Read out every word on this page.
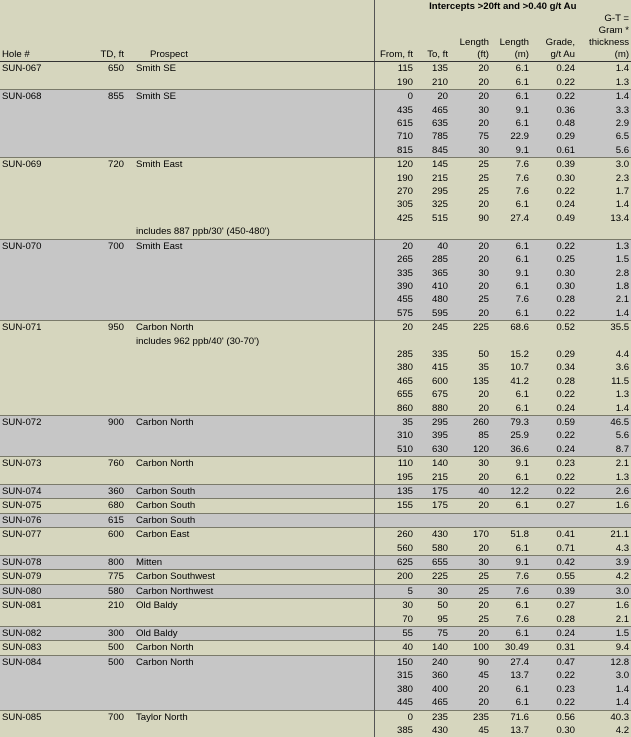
			Intercepts >20ft and >0.40 g/t Au					
Hole #	TD, ft	Prospect	From, ft	To, ft	Length (ft)	Length (m)	Grade, g/t Au	G-T = Gram * thickness (m)
SUN-067	650	Smith SE	115	135	20	6.1	0.24	1.4
			190	210	20	6.1	0.22	1.3
SUN-068	855	Smith SE	0	20	20	6.1	0.22	1.4
			435	465	30	9.1	0.36	3.3
			615	635	20	6.1	0.48	2.9
			710	785	75	22.9	0.29	6.5
			815	845	30	9.1	0.61	5.6
SUN-069	720	Smith East	120	145	25	7.6	0.39	3.0
			190	215	25	7.6	0.30	2.3
			270	295	25	7.6	0.22	1.7
			305	325	20	6.1	0.24	1.4
			425	515	90	27.4	0.49	13.4
		includes 887 ppb/30' (450-480')						
SUN-070	700	Smith East	20	40	20	6.1	0.22	1.3
			265	285	20	6.1	0.25	1.5
			335	365	30	9.1	0.30	2.8
			390	410	20	6.1	0.30	1.8
			455	480	25	7.6	0.28	2.1
			575	595	20	6.1	0.22	1.4
SUN-071	950	Carbon North	20	245	225	68.6	0.52	35.5
		includes 962 ppb/40' (30-70')						
			285	335	50	15.2	0.29	4.4
			380	415	35	10.7	0.34	3.6
			465	600	135	41.2	0.28	11.5
			655	675	20	6.1	0.22	1.3
			860	880	20	6.1	0.24	1.4
SUN-072	900	Carbon North	35	295	260	79.3	0.59	46.5
			310	395	85	25.9	0.22	5.6
			510	630	120	36.6	0.24	8.7
SUN-073	760	Carbon North	110	140	30	9.1	0.23	2.1
			195	215	20	6.1	0.22	1.3
SUN-074	360	Carbon South	135	175	40	12.2	0.22	2.6
SUN-075	680	Carbon South	155	175	20	6.1	0.27	1.6
SUN-076	615	Carbon South						
SUN-077	600	Carbon East	260	430	170	51.8	0.41	21.1
			560	580	20	6.1	0.71	4.3
SUN-078	800	Mitten	625	655	30	9.1	0.42	3.9
SUN-079	775	Carbon Southwest	200	225	25	7.6	0.55	4.2
SUN-080	580	Carbon Northwest	5	30	25	7.6	0.39	3.0
SUN-081	210	Old Baldy	30	50	20	6.1	0.27	1.6
			70	95	25	7.6	0.28	2.1
SUN-082	300	Old Baldy	55	75	20	6.1	0.24	1.5
SUN-083	500	Carbon North	40	140	100	30.49	0.31	9.4
SUN-084	500	Carbon North	150	240	90	27.4	0.47	12.8
			315	360	45	13.7	0.22	3.0
			380	400	20	6.1	0.23	1.4
			445	465	20	6.1	0.22	1.4
SUN-085	700	Taylor North	0	235	235	71.6	0.56	40.3
			385	430	45	13.7	0.30	4.2
